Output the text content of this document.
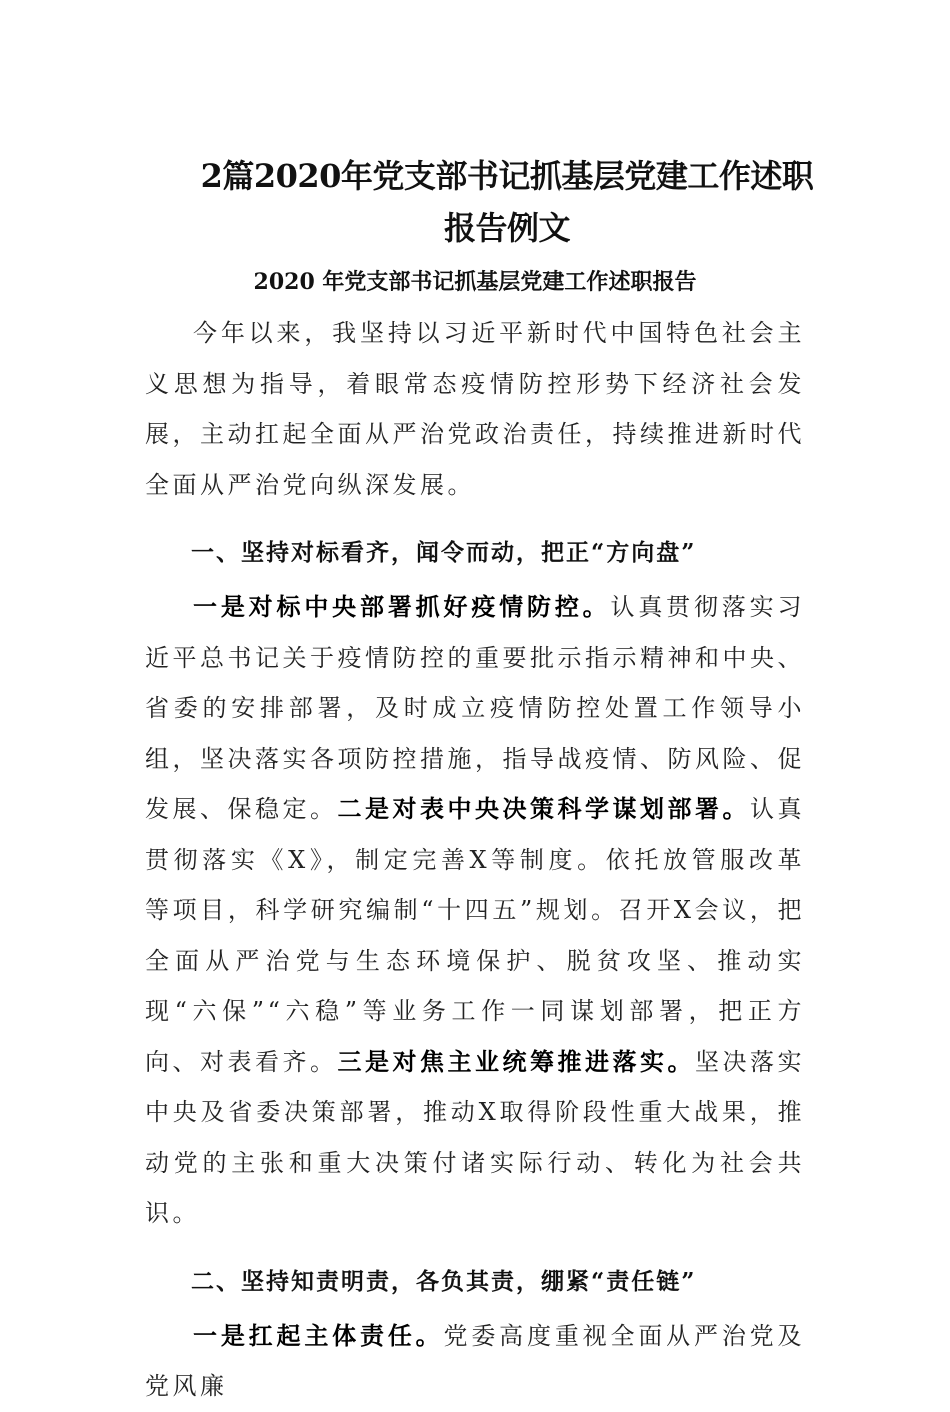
2篇2020年党支部书记抓基层党建工作述职报告例文
2020 年党支部书记抓基层党建工作述职报告

今年以来，我坚持以习近平新时代中国特色社会主义思想为指导，着眼常态疫情防控形势下经济社会发展，主动扛起全面从严治党政治责任，持续推进新时代全面从严治党向纵深发展。

一、坚持对标看齐，闻令而动，把正“方向盘”

一是对标中央部署抓好疫情防控。认真贯彻落实习近平总书记关于疫情防控的重要批示指示精神和中央、省委的安排部署，及时成立疫情防控处置工作领导小组，坚决落实各项防控措施，指导战疫情、防风险、促发展、保稳定。二是对表中央决策科学谋划部署。认真贯彻落实《X》，制定完善X等制度。依托放管服改革等项目，科学研究编制“十四五”规划。召开X会议，把全面从严治党与生态环境保护、脱贫攻坚、推动实现“六保”“六稳”等业务工作一同谋划部署，把正方向、对表看齐。三是对焦主业统筹推进落实。坚决落实中央及省委决策部署，推动X取得阶段性重大战果，推动党的主张和重大决策付诸实际行动、转化为社会共识。

二、坚持知责明责，各负其责，绷紧“责任链”

一是扛起主体责任。党委高度重视全面从严治党及党风廉
